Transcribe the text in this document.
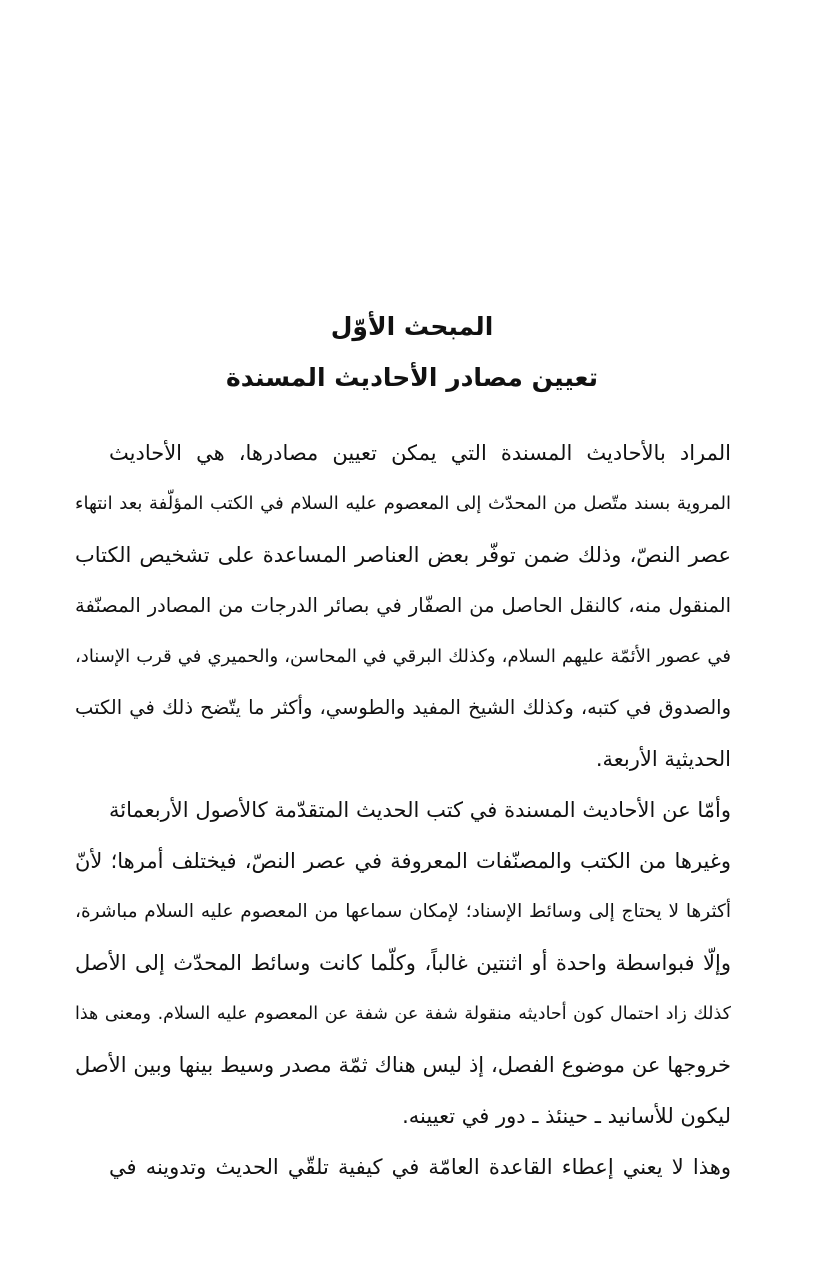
المبحث الأوّل
تعيين مصادر الأحاديث المسندة
المراد بالأحاديث المسندة التي يمكن تعيين مصادرها، هي الأحاديث
المروية بسند متّصل من المحدّث إلى المعصوم عليه السلام في الكتب المؤلّفة بعد انتهاء
عصر النصّ، وذلك ضمن توفّر بعض العناصر المساعدة على تشخيص الكتاب
المنقول منه، كالنقل الحاصل من الصفّار في بصائر الدرجات من المصادر المصنّفة
في عصور الأئمّة عليهم السلام، وكذلك البرقي في المحاسن، والحميري في قرب الإسناد،
والصدوق في كتبه، وكذلك الشيخ المفيد والطوسي، وأكثر ما يتّضح ذلك في الكتب
الحديثية الأربعة.
وأمّا عن الأحاديث المسندة في كتب الحديث المتقدّمة كالأصول الأربعمائة
وغيرها من الكتب والمصنّفات المعروفة في عصر النصّ، فيختلف أمرها؛ لأنّ
أكثرها لا يحتاج إلى وسائط الإسناد؛ لإمكان سماعها من المعصوم عليه السلام مباشرة،
وإلّا فبواسطة واحدة أو اثنتين غالباً، وكلّما كانت وسائط المحدّث إلى الأصل
كذلك زاد احتمال كون أحاديثه منقولة شفة عن شفة عن المعصوم عليه السلام. ومعنى هذا
خروجها عن موضوع الفصل، إذ ليس هناك ثمّة مصدر وسيط بينها وبين الأصل
ليكون للأسانيد ـ حينئذ ـ دور في تعيينه.
وهذا لا يعني إعطاء القاعدة العامّة في كيفية تلقّي الحديث وتدوينه في
